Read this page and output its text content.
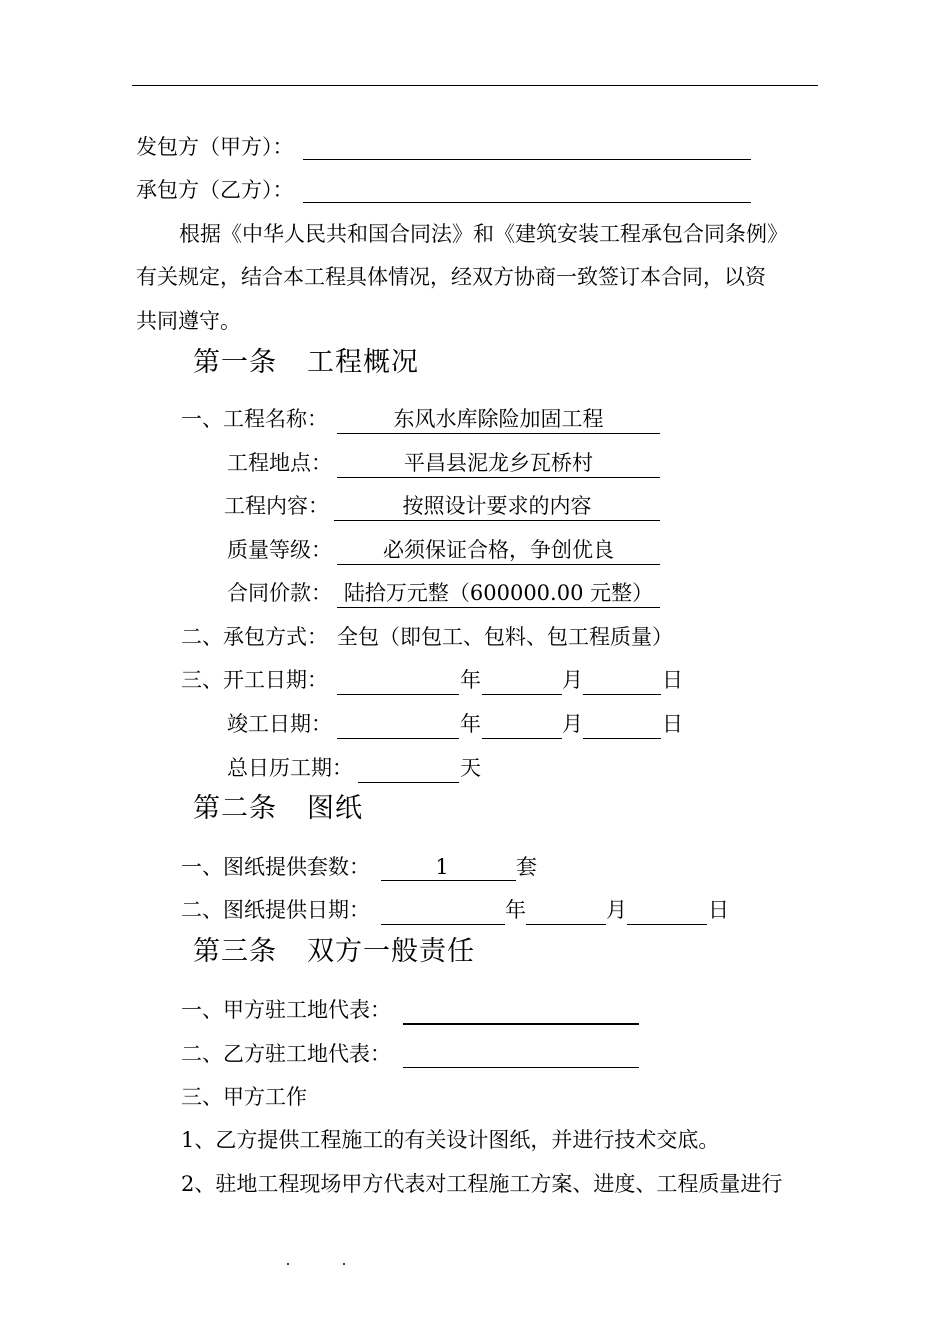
发包方（甲方）：
承包方（乙方）：
根据《中华人民共和国合同法》和《建筑安装工程承包合同条例》
有关规定，结合本工程具体情况，经双方协商一致签订本合同，以资
共同遵守。
第一条 工程概况
一、工程名称：	东风水库除险加固工程
工程地点：	平昌县泥龙乡瓦桥村
工程内容：	按照设计要求的内容
质量等级：	必须保证合格，争创优良
合同价款： 陆拾万元整（600000.00 元整）
二、承包方式： 全包（即包工、包料、包工程质量）
三、开工日期：	年	月	日
竣工日期：	年	月	日
总日历工期：	天
第二条 图纸
一、图纸提供套数：	1	套
二、图纸提供日期：	年	月	日
第三条 双方一般责任
一、甲方驻工地代表：
二、乙方驻工地代表：
三、甲方工作
1、乙方提供工程施工的有关设计图纸，并进行技术交底。
2、驻地工程现场甲方代表对工程施工方案、进度、工程质量进行
